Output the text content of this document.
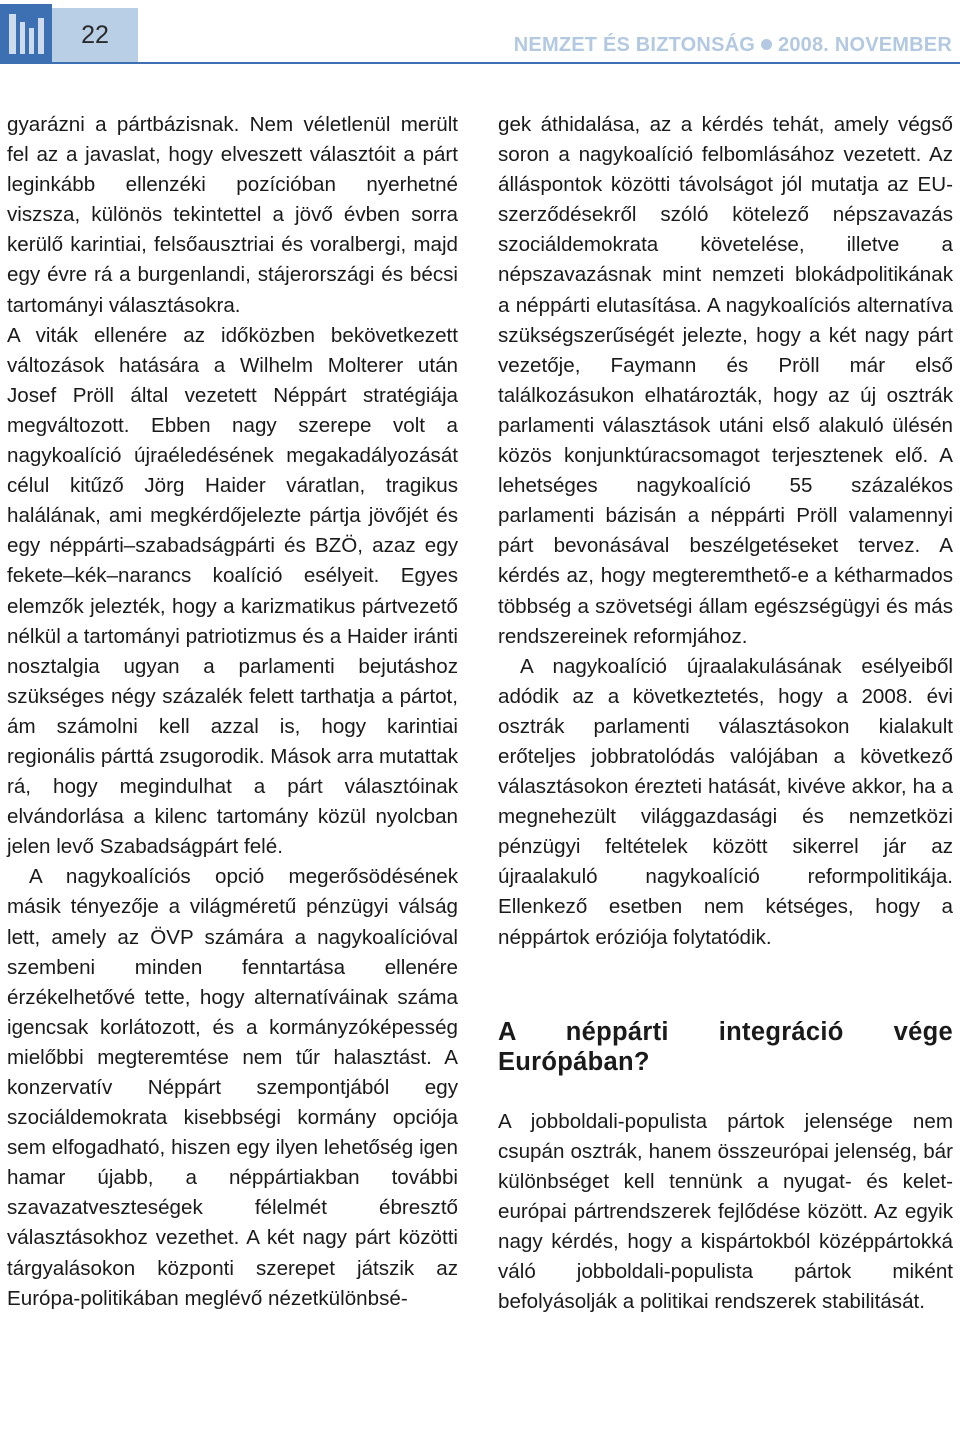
22	NEMZET ÉS BIZTONSÁG 2008. NOVEMBER

gyarázni a pártbázisnak. Nem véletlenül merült fel az a javaslat, hogy elveszett választóit a párt leginkább ellenzéki pozícióban nyerhetné viszsza, különös tekintettel a jövő évben sorra kerülő karintiai, felsőausztriai és voralbergi, majd egy évre rá a burgenlandi, stájerországi és bécsi tartományi választásokra.

A viták ellenére az időközben bekövetkezett változások hatására a Wilhelm Molterer után Josef Pröll által vezetett Néppárt stratégiája megváltozott. Ebben nagy szerepe volt a nagykoalíció újraéledésének megakadályozását célul kitűző Jörg Haider váratlan, tragikus halálának, ami megkérdőjelezte pártja jövőjét és egy néppárti–szabadságpárti és BZÖ, azaz egy fekete–kék–narancs koalíció esélyeit. Egyes elemzők jelezték, hogy a karizmatikus pártvezető nélkül a tartományi patriotizmus és a Haider iránti nosztalgia ugyan a parlamenti bejutáshoz szükséges négy százalék felett tarthatja a pártot, ám számolni kell azzal is, hogy karintiai regionális párttá zsugorodik. Mások arra mutattak rá, hogy megindulhat a párt választóinak elvándorlása a kilenc tartomány közül nyolcban jelen levő Szabadságpárt felé.

A nagykoalíciós opció megerősödésének másik tényezője a világméretű pénzügyi válság lett, amely az ÖVP számára a nagykoalícióval szembeni minden fenntartása ellenére érzékelhetővé tette, hogy alternatíváinak száma igencsak korlátozott, és a kormányzóképesség mielőbbi megteremtése nem tűr halasztást. A konzervatív Néppárt szempontjából egy szociáldemokrata kisebbségi kormány opciója sem elfogadható, hiszen egy ilyen lehetőség igen hamar újabb, a néppártiakban további szavazatveszteségek félelmét ébresztő választásokhoz vezethet. A két nagy párt közötti tárgyalásokon központi szerepet játszik az Európa-politikában meglévő nézetkülönbsé-

gek áthidalása, az a kérdés tehát, amely végső soron a nagykoalíció felbomlásához vezetett. Az álláspontok közötti távolságot jól mutatja az EU-szerződésekről szóló kötelező népszavazás szociáldemokrata követelése, illetve a népszavazásnak mint nemzeti blokádpolitikának a néppárti elutasítása. A nagykoalíciós alternatíva szükségszerűségét jelezte, hogy a két nagy párt vezetője, Faymann és Pröll már első találkozásukon elhatározták, hogy az új osztrák parlamenti választások utáni első alakuló ülésén közös konjunktúracsomagot terjesztenek elő. A lehetséges nagykoalíció 55 százalékos parlamenti bázisán a néppárti Pröll valamennyi párt bevonásával beszélgetéseket tervez. A kérdés az, hogy megteremthető-e a kétharmados többség a szövetségi állam egészségügyi és más rendszereinek reformjához.

A nagykoalíció újraalakulásának esélyeiből adódik az a következtetés, hogy a 2008. évi osztrák parlamenti választásokon kialakult erőteljes jobbratolódás valójában a következő választásokon érezteti hatását, kivéve akkor, ha a megnehezült világgazdasági és nemzetközi pénzügyi feltételek között sikerrel jár az újraalakuló nagykoalíció reformpolitikája. Ellenkező esetben nem kétséges, hogy a néppártok eróziója folytatódik.

A néppárti integráció vége Európában?

A jobboldali-populista pártok jelensége nem csupán osztrák, hanem összeurópai jelenség, bár különbséget kell tennünk a nyugat- és kelet-európai pártrendszerek fejlődése között. Az egyik nagy kérdés, hogy a kispártokból középpártokká váló jobboldali-populista pártok miként befolyásolják a politikai rendszerek stabilitását.
